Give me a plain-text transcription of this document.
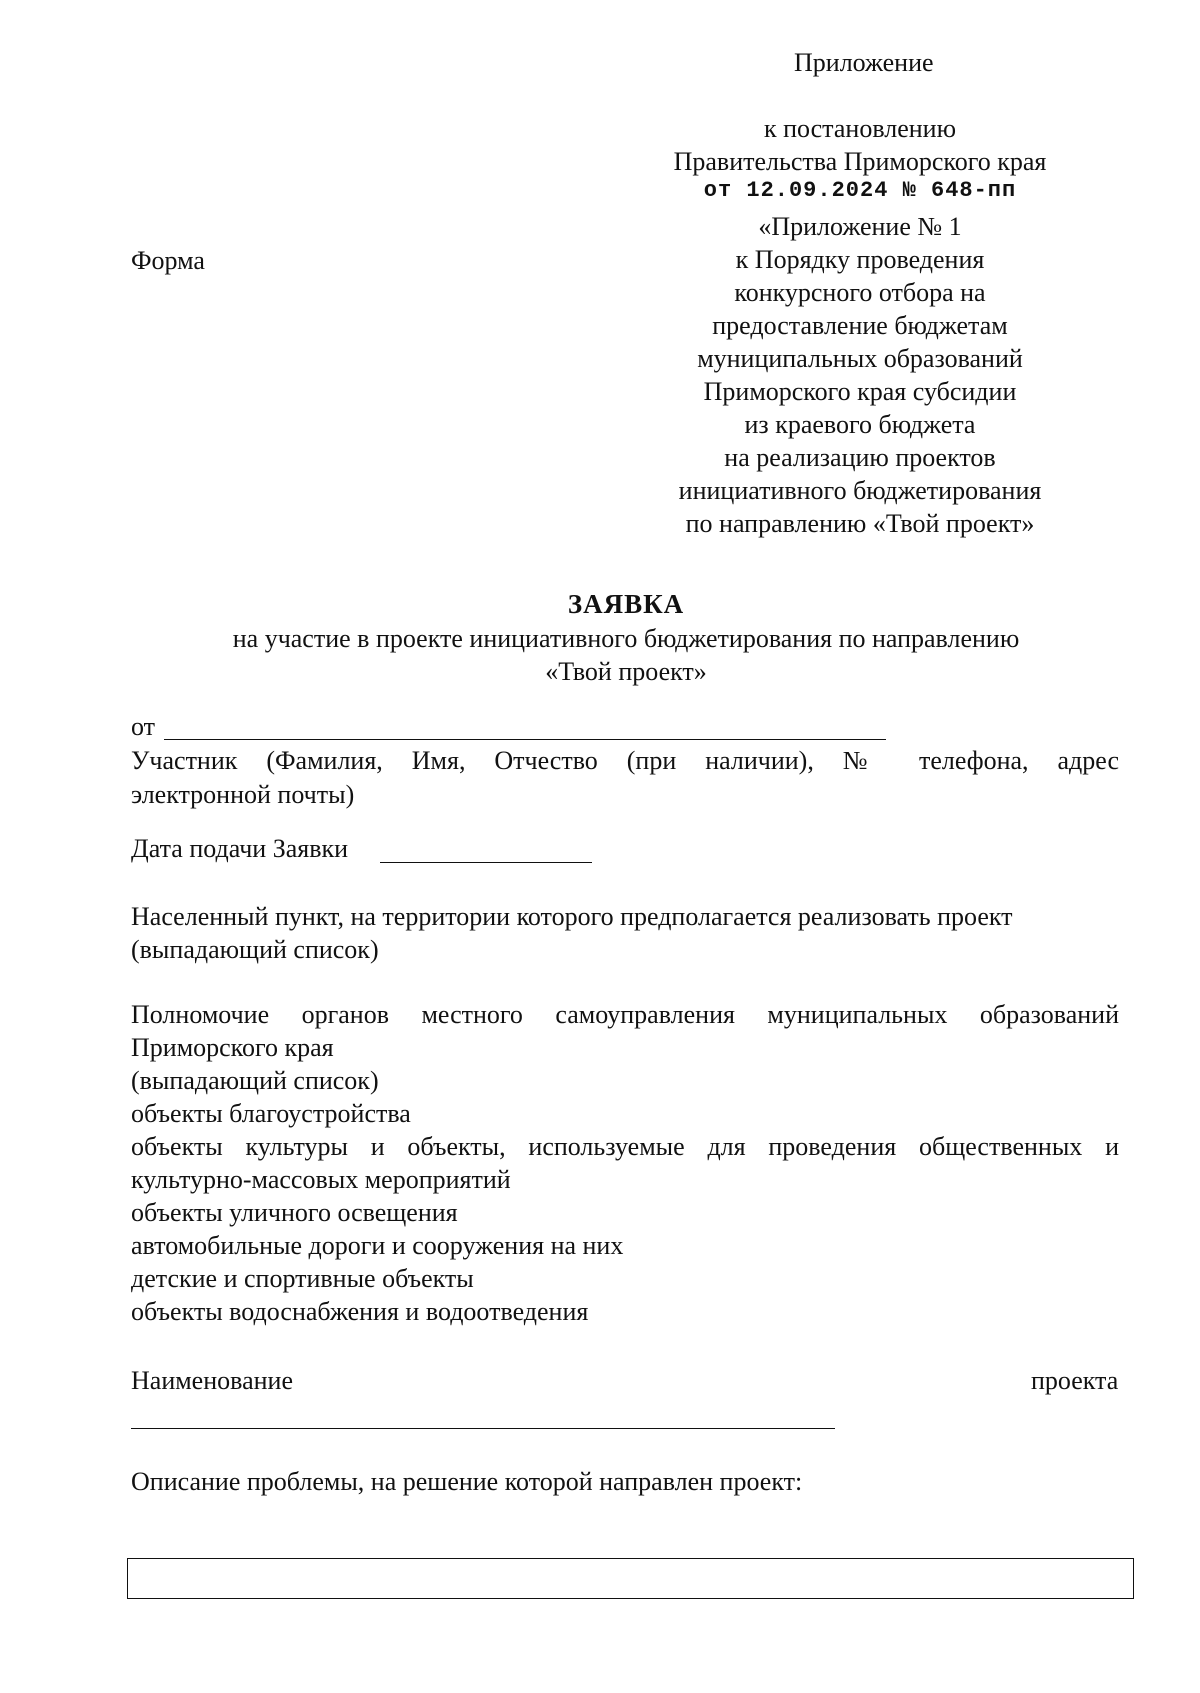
Приложение
к постановлению
Правительства Приморского края
от 12.09.2024 № 648-пп
Форма
«Приложение № 1
к Порядку проведения
конкурсного отбора на
предоставление бюджетам
муниципальных образований
Приморского края субсидии
из краевого бюджета
на реализацию проектов
инициативного бюджетирования
по направлению «Твой проект»
ЗАЯВКА
на участие в проекте инициативного бюджетирования по направлению
«Твой проект»
от
Участник (Фамилия, Имя, Отчество (при наличии), № телефона, адрес
электронной почты)
Дата подачи Заявки
Населенный пункт, на территории которого предполагается реализовать проект
(выпадающий список)
Полномочие органов местного самоуправления муниципальных образований
Приморского края
(выпадающий список)
объекты благоустройства
объекты культуры и объекты, используемые для проведения общественных и
культурно-массовых мероприятий
объекты уличного освещения
автомобильные дороги и сооружения на них
детские и спортивные объекты
объекты водоснабжения и водоотведения
Наименование	проекта
Описание проблемы, на решение которой направлен проект:
